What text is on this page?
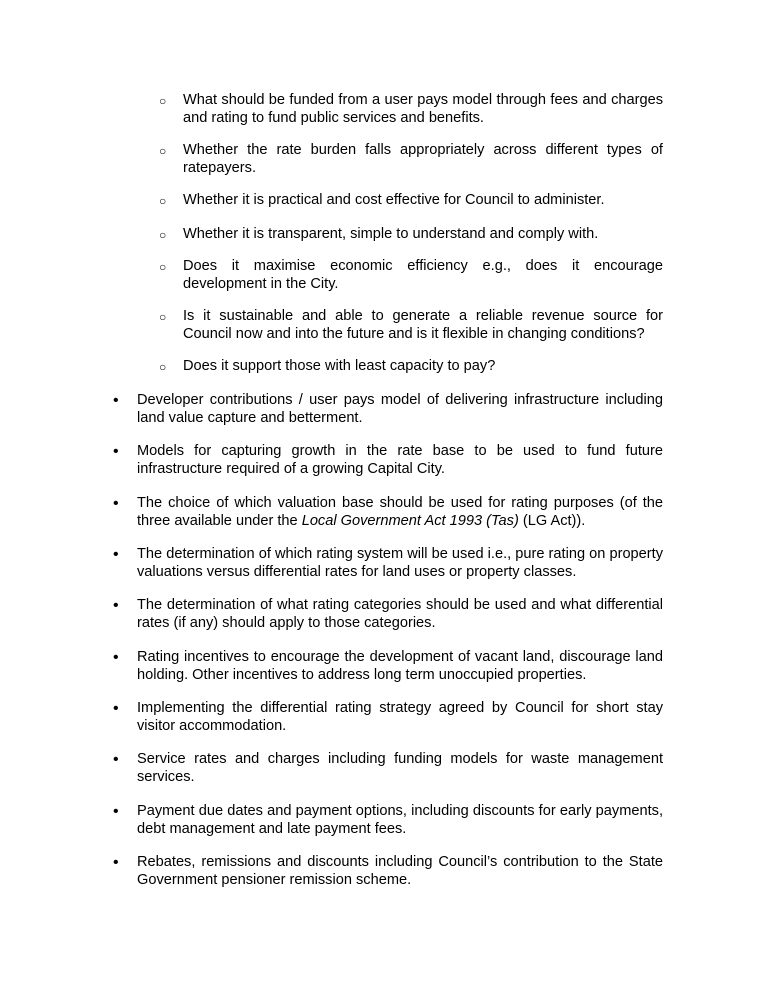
○ What should be funded from a user pays model through fees and charges and rating to fund public services and benefits.
○ Whether the rate burden falls appropriately across different types of ratepayers.
○ Whether it is practical and cost effective for Council to administer.
○ Whether it is transparent, simple to understand and comply with.
○ Does it maximise economic efficiency e.g., does it encourage development in the City.
○ Is it sustainable and able to generate a reliable revenue source for Council now and into the future and is it flexible in changing conditions?
○ Does it support those with least capacity to pay?
• Developer contributions / user pays model of delivering infrastructure including land value capture and betterment.
• Models for capturing growth in the rate base to be used to fund future infrastructure required of a growing Capital City.
• The choice of which valuation base should be used for rating purposes (of the three available under the Local Government Act 1993 (Tas) (LG Act)).
• The determination of which rating system will be used i.e., pure rating on property valuations versus differential rates for land uses or property classes.
• The determination of what rating categories should be used and what differential rates (if any) should apply to those categories.
• Rating incentives to encourage the development of vacant land, discourage land holding. Other incentives to address long term unoccupied properties.
• Implementing the differential rating strategy agreed by Council for short stay visitor accommodation.
• Service rates and charges including funding models for waste management services.
• Payment due dates and payment options, including discounts for early payments, debt management and late payment fees.
• Rebates, remissions and discounts including Council’s contribution to the State Government pensioner remission scheme.
